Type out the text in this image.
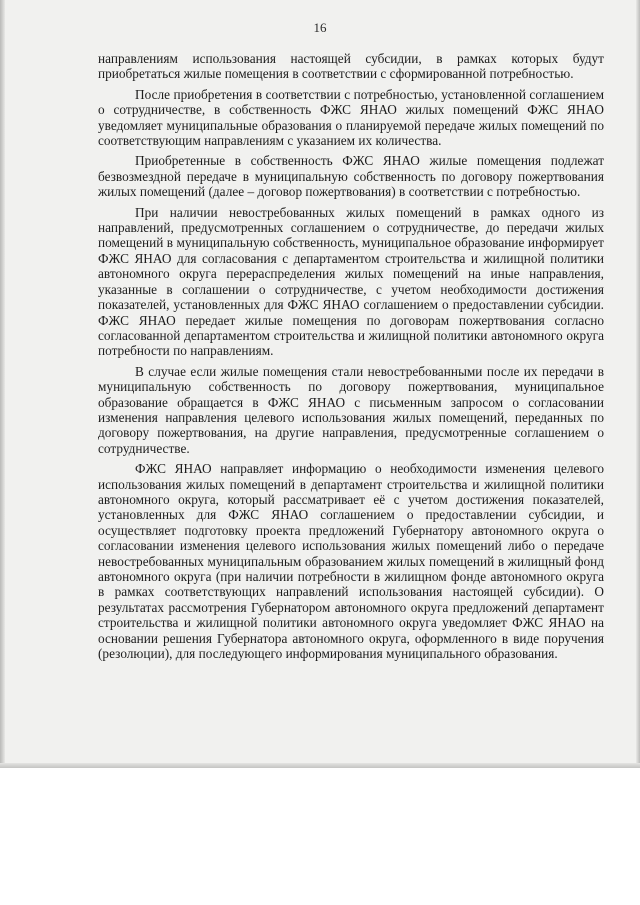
16

направлениям использования настоящей субсидии, в рамках которых будут приобретаться жилые помещения в соответствии с сформированной потребностью.

После приобретения в соответствии с потребностью, установленной соглашением о сотрудничестве, в собственность ФЖС ЯНАО жилых помещений ФЖС ЯНАО уведомляет муниципальные образования о планируемой передаче жилых помещений по соответствующим направлениям с указанием их количества.

Приобретенные в собственность ФЖС ЯНАО жилые помещения подлежат безвозмездной передаче в муниципальную собственность по договору пожертвования жилых помещений (далее – договор пожертвования) в соответствии с потребностью.

При наличии невостребованных жилых помещений в рамках одного из направлений, предусмотренных соглашением о сотрудничестве, до передачи жилых помещений в муниципальную собственность, муниципальное образование информирует ФЖС ЯНАО для согласования с департаментом строительства и жилищной политики автономного округа перераспределения жилых помещений на иные направления, указанные в соглашении о сотрудничестве, с учетом необходимости достижения показателей, установленных для ФЖС ЯНАО соглашением о предоставлении субсидии. ФЖС ЯНАО передает жилые помещения по договорам пожертвования согласно согласованной департаментом строительства и жилищной политики автономного округа потребности по направлениям.

В случае если жилые помещения стали невостребованными после их передачи в муниципальную собственность по договору пожертвования, муниципальное образование обращается в ФЖС ЯНАО с письменным запросом о согласовании изменения направления целевого использования жилых помещений, переданных по договору пожертвования, на другие направления, предусмотренные соглашением о сотрудничестве.

ФЖС ЯНАО направляет информацию о необходимости изменения целевого использования жилых помещений в департамент строительства и жилищной политики автономного округа, который рассматривает её с учетом достижения показателей, установленных для ФЖС ЯНАО соглашением о предоставлении субсидии, и осуществляет подготовку проекта предложений Губернатору автономного округа о согласовании изменения целевого использования жилых помещений либо о передаче невостребованных муниципальным образованием жилых помещений в жилищный фонд автономного округа (при наличии потребности в жилищном фонде автономного округа в рамках соответствующих направлений использования настоящей субсидии). О результатах рассмотрения Губернатором автономного округа предложений департамент строительства и жилищной политики автономного округа уведомляет ФЖС ЯНАО на основании решения Губернатора автономного округа, оформленного в виде поручения (резолюции), для последующего информирования муниципального образования.
